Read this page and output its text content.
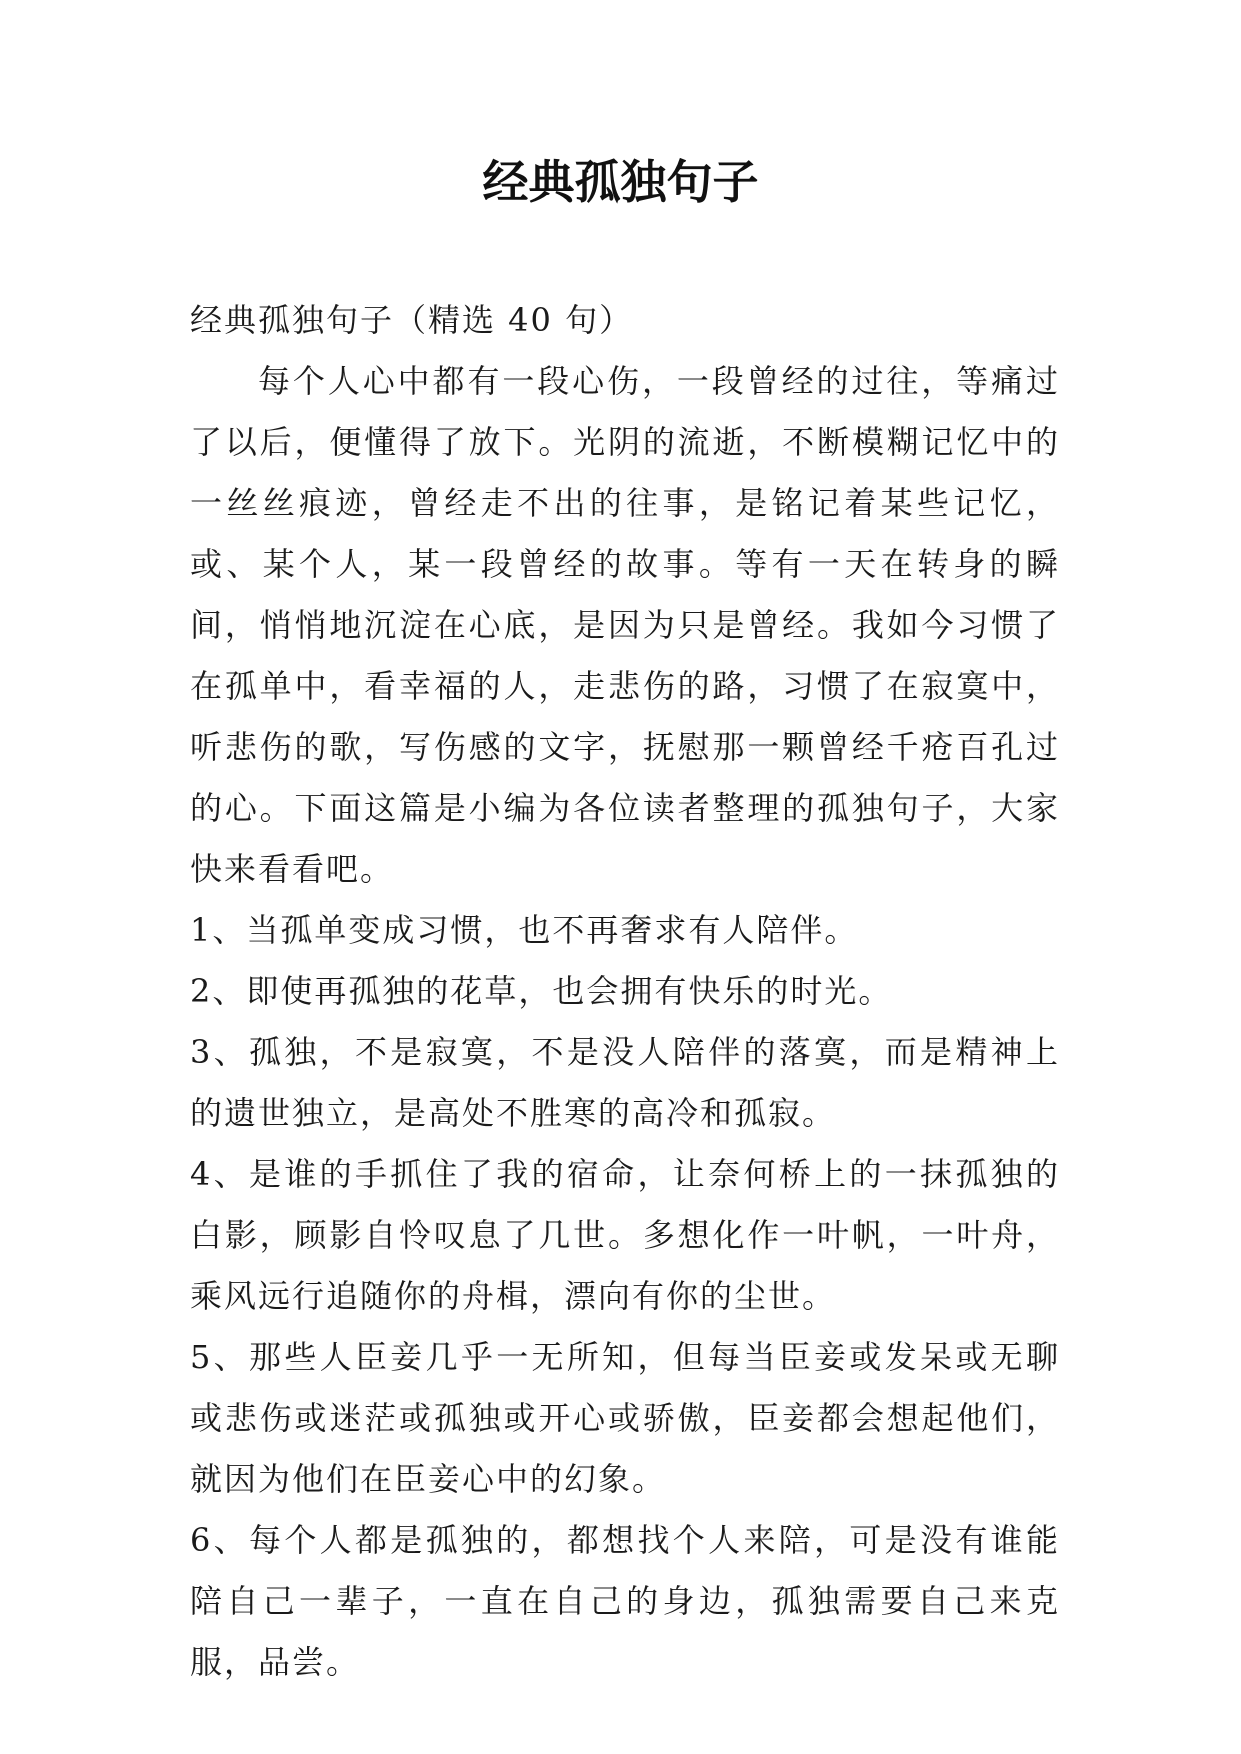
经典孤独句子

经典孤独句子（精选 40 句）

每个人心中都有一段心伤，一段曾经的过往，等痛过了以后，便懂得了放下。光阴的流逝，不断模糊记忆中的一丝丝痕迹，曾经走不出的往事，是铭记着某些记忆，或、某个人，某一段曾经的故事。等有一天在转身的瞬间，悄悄地沉淀在心底，是因为只是曾经。我如今习惯了在孤单中，看幸福的人，走悲伤的路，习惯了在寂寞中，听悲伤的歌，写伤感的文字，抚慰那一颗曾经千疮百孔过的心。下面这篇是小编为各位读者整理的孤独句子，大家快来看看吧。

1、当孤单变成习惯，也不再奢求有人陪伴。

2、即使再孤独的花草，也会拥有快乐的时光。

3、孤独，不是寂寞，不是没人陪伴的落寞，而是精神上的遗世独立，是高处不胜寒的高冷和孤寂。

4、是谁的手抓住了我的宿命，让奈何桥上的一抹孤独的白影，顾影自怜叹息了几世。多想化作一叶帆，一叶舟，乘风远行追随你的舟楫，漂向有你的尘世。

5、那些人臣妾几乎一无所知，但每当臣妾或发呆或无聊或悲伤或迷茫或孤独或开心或骄傲，臣妾都会想起他们，就因为他们在臣妾心中的幻象。

6、每个人都是孤独的，都想找个人来陪，可是没有谁能陪自己一辈子，一直在自己的身边，孤独需要自己来克服，品尝。
